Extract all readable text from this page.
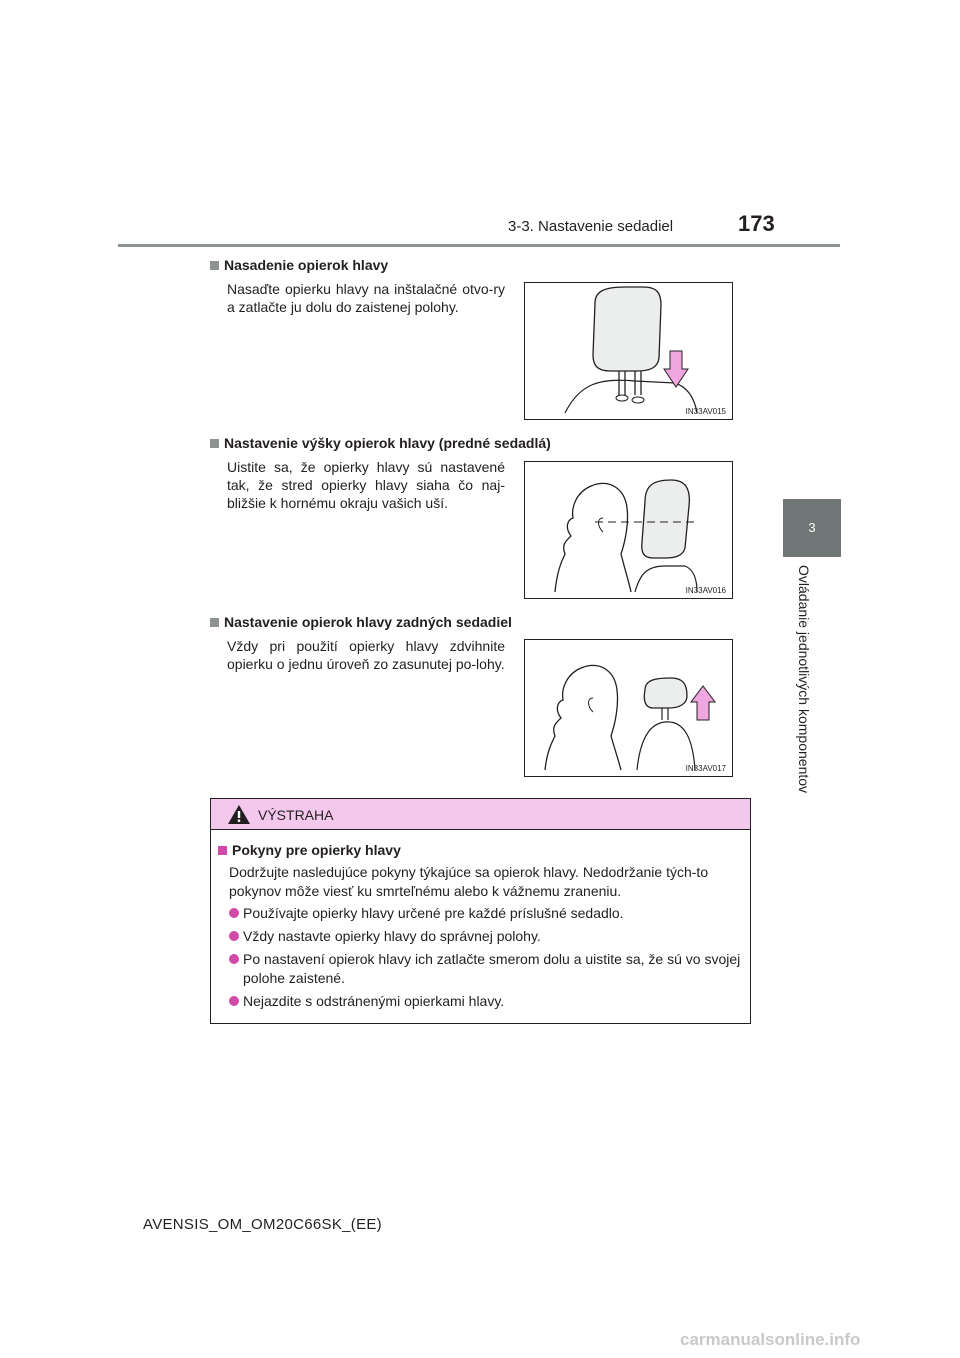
3-3. Nastavenie sedadiel	173
3
Ovládanie jednotlivých komponentov
Nasadenie opierok hlavy
Nasaďte opierku hlavy na inštalačné otvo-ry a zatlačte ju dolu do zaistenej polohy.
IN33AV015
Nastavenie výšky opierok hlavy (predné sedadlá)
Uistite sa, že opierky hlavy sú nastavené tak, že stred opierky hlavy siaha čo naj-bližšie k hornému okraju vašich uší.
IN33AV016
Nastavenie opierok hlavy zadných sedadiel
Vždy pri použití opierky hlavy zdvihnite opierku o jednu úroveň zo zasunutej po-lohy.
IN33AV017
VÝSTRAHA
Pokyny pre opierky hlavy
Dodržujte nasledujúce pokyny týkajúce sa opierok hlavy. Nedodržanie tých-to pokynov môže viesť ku smrteľnému alebo k vážnemu zraneniu.
Používajte opierky hlavy určené pre každé príslušné sedadlo.
Vždy nastavte opierky hlavy do správnej polohy.
Po nastavení opierok hlavy ich zatlačte smerom dolu a uistite sa, že sú vo svojej polohe zaistené.
Nejazdite s odstránenými opierkami hlavy.
AVENSIS_OM_OM20C66SK_(EE)
carmanualsonline.info
